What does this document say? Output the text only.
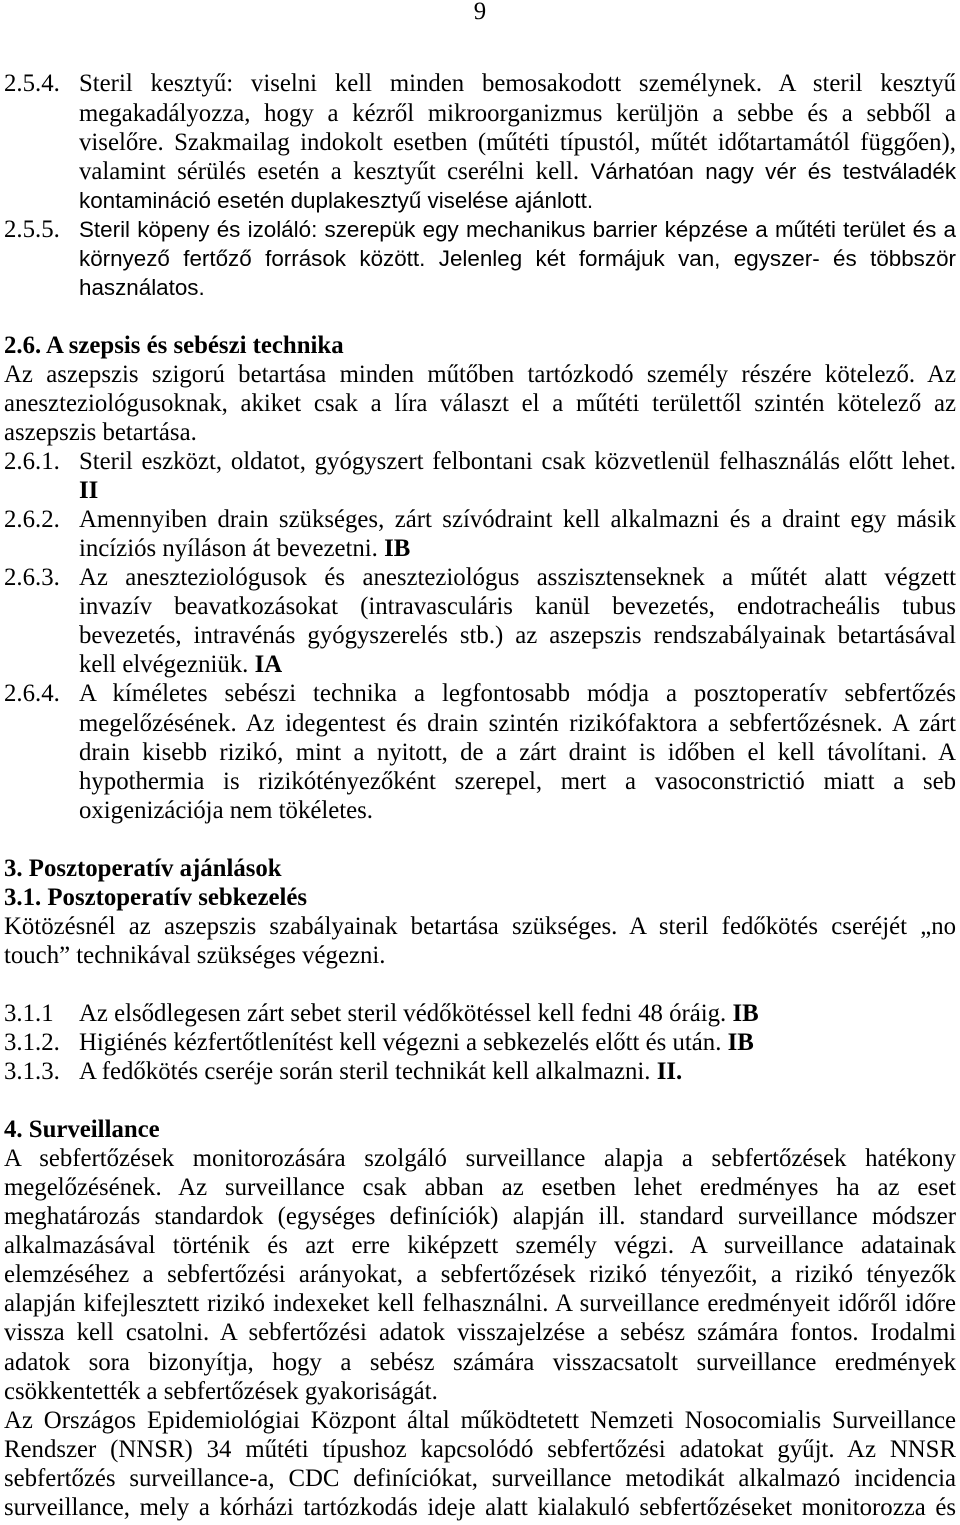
9
2.5.4. Steril kesztyű: viselni kell minden bemosakodott személynek. A steril kesztyű
megakadályozza, hogy a kézről mikroorganizmus kerüljön a sebbe és a sebből a
viselőre. Szakmailag indokolt esetben (műtéti típustól, műtét időtartamától függően),
valamint sérülés esetén a kesztyűt cserélni kell. Várhatóan nagy vér és testváladék
kontamináció esetén duplakesztyű viselése ajánlott.
2.5.5. Steril köpeny és izoláló: szerepük egy mechanikus barrier képzése a műtéti terület és a
környező fertőző források között. Jelenleg két formájuk van, egyszer- és többször
használatos.
2.6. A szepsis és sebészi technika
Az aszepszis szigorú betartása minden műtőben tartózkodó személy részére kötelező. Az
aneszteziológusoknak, akiket csak a líra választ el a műtéti területtől szintén kötelező az
aszepszis betartása.
2.6.1. Steril eszközt, oldatot, gyógyszert felbontani csak közvetlenül felhasználás előtt lehet.
II
2.6.2. Amennyiben drain szükséges, zárt szívódraint kell alkalmazni és a draint egy másik
incíziós nyíláson át bevezetni. IB
2.6.3. Az aneszteziológusok és aneszteziológus asszisztenseknek a műtét alatt végzett
invazív beavatkozásokat (intravasculáris kanül bevezetés, endotracheális tubus
bevezetés, intravénás gyógyszerelés stb.) az aszepszis rendszabályainak betartásával
kell elvégezniük. IA
2.6.4. A kíméletes sebészi technika a legfontosabb módja a posztoperatív sebfertőzés
megelőzésének. Az idegentest és drain szintén rizikófaktora a sebfertőzésnek. A zárt
drain kisebb rizikó, mint a nyitott, de a zárt draint is időben el kell távolítani. A
hypothermia is rizikótényezőként szerepel, mert a vasoconstrictió miatt a seb
oxigenizációja nem tökéletes.
3. Posztoperatív ajánlások
3.1. Posztoperatív sebkezelés
Kötözésnél az aszepszis szabályainak betartása szükséges. A steril fedőkötés cseréjét „no
touch” technikával szükséges végezni.
3.1.1 Az elsődlegesen zárt sebet steril védőkötéssel kell fedni 48 óráig. IB
3.1.2. Higiénés kézfertőtlenítést kell végezni a sebkezelés előtt és után. IB
3.1.3. A fedőkötés cseréje során steril technikát kell alkalmazni. II.
4. Surveillance
A sebfertőzések monitorozására szolgáló surveillance alapja a sebfertőzések hatékony
megelőzésének. Az surveillance csak abban az esetben lehet eredményes ha az eset
meghatározás standardok (egységes definíciók) alapján ill. standard surveillance módszer
alkalmazásával történik és azt erre kiképzett személy végzi. A surveillance adatainak
elemzéséhez a sebfertőzési arányokat, a sebfertőzések rizikó tényezőit, a rizikó tényezők
alapján kifejlesztett rizikó indexeket kell felhasználni. A surveillance eredményeit időről időre
vissza kell csatolni. A sebfertőzési adatok visszajelzése a sebész számára fontos. Irodalmi
adatok sora bizonyítja, hogy a sebész számára visszacsatolt surveillance eredmények
csökkentették a sebfertőzések gyakoriságát.
Az Országos Epidemiológiai Központ által működtetett Nemzeti Nosocomialis Surveillance
Rendszer (NNSR) 34 műtéti típushoz kapcsolódó sebfertőzési adatokat gyűjt. Az NNSR
sebfertőzés surveillance-a, CDC definíciókat, surveillance metodikát alkalmazó incidencia
surveillance, mely a kórházi tartózkodás ideje alatt kialakuló sebfertőzéseket monitorozza és
